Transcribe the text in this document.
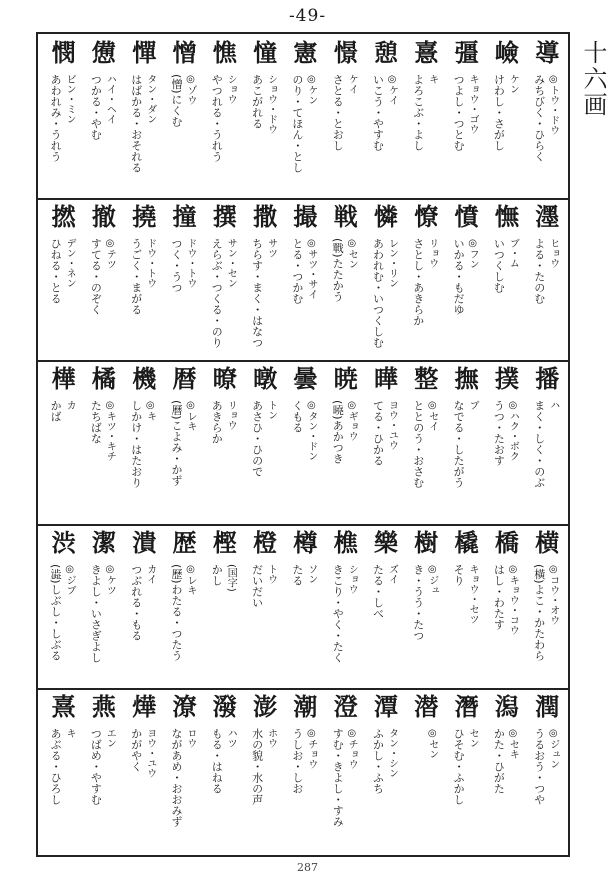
-49-
十六画
導
◎トウ・ドウ
みちびく・ひらく
嶮
ケン
けわし・さがし
彊
キョウ・ゴウ
つよし・つとむ
憙
キ
よろこぶ・よし
憩
◎ケイ
いこう・やすむ
憬
ケイ
さとる・とおし
憲
◎ケン
のり・てほん・とし
憧
ショウ・ドウ
あこがれる
憔
ショウ
やつれる・うれう
憎
◎ゾウ
(憎)にくむ
憚
タン・ダン
はばかる・おそれる
憊
ハイ・ヘイ
つかる・やむ
憫
ビン・ミン
あわれみ・うれう
濹
ヒョウ
よる・たのむ
憮
ブ・ム
いつくしむ
憤
◎フン
いかる・もだゆ
憭
リョウ
さとし・あきらか
憐
レン・リン
あわれむ・いつくしむ
戦
◎セン
(戰)たたかう
撮
◎サツ・サイ
とる・つかむ
撒
サツ
ちらす・まく・はなつ
撰
サン・セン
えらぶ・つくる・のり
撞
ドウ・トウ
つく・うつ
撓
ドウ・トウ
うごく・まがる
撤
◎テツ
すてる・のぞく
撚
デン・ネン
ひねる・とる
播
ハ
まく・しく・のぶ
撲
◎ハク・ボク
うつ・たおす
撫
ブ
なでる・したがう
整
◎セイ
ととのう・おさむ
曄
ヨウ・ユウ
てる・ひかる
暁
◎ギョウ
(曉)あかつき
曇
◎タン・ドン
くもる
暾
トン
あさひ・ひので
暸
リョウ
あきらか
暦
◎レキ
(曆)こよみ・かず
機
◎キ
しかけ・はたおり
橘
◎キツ・キチ
たちばな
樺
カ
かば
横
◎コウ・オウ
(橫)よこ・かたわら
橋
◎キョウ・コウ
はし・わたす
橇
キョウ・セツ
そり
樹
◎ジュ
き・うう・たつ
樂
ズイ
たる・しべ
樵
ショウ
きこり・やく・たく
樽
ソン
たる
橙
トウ
だいだい
樫
(国字)
かし
歴
◎レキ
(歷)わたる・つたう
潰
カイ
つぶれる・もる
潔
◎ケツ
きよし・いさぎよし
渋
◎ジブ
(澁)しぶし・しぶる
潤
◎ジュン
うるおう・つや
潟
◎セキ
かた・ひがた
潛
セン
ひそむ・ふかし
潜
◎セン
潭
タン・シン
ふかし・ふち
澄
◎チョウ
すむ・きよし・すみ
潮
◎チョウ
うしお・しお
澎
ホウ
水の貌・水の声
潑
ハツ
もる・はねる
潦
ロウ
ながあめ・おおみず
燁
ヨウ・ユウ
かがやく
燕
エン
つばめ・やすむ
熹
キ
あぶる・ひろし
287
